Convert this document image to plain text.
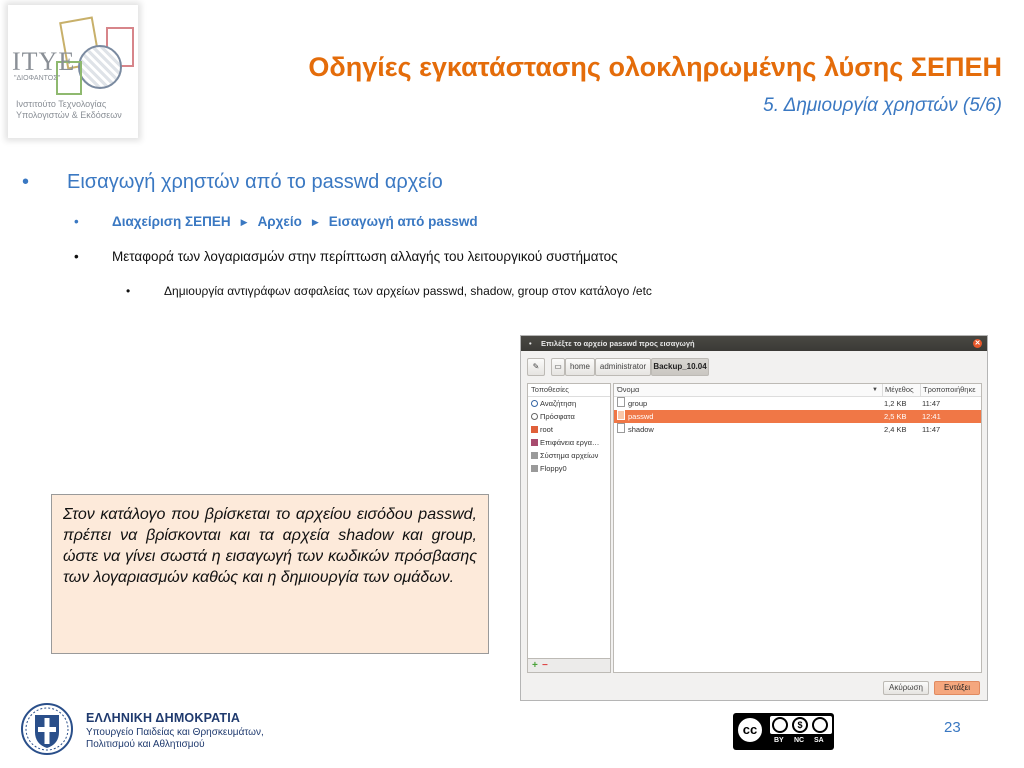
ΙΤΥΕ
"ΔΙΟΦΑΝΤΟΣ"
Ινστιτούτο Τεχνολογίας Υπολογιστών & Εκδόσεων
Οδηγίες εγκατάστασης ολοκληρωμένης λύσης ΣΕΠΕΗ
5. Δημιουργία χρηστών (5/6)
• Εισαγωγή χρηστών από το passwd αρχείο
• Διαχείριση ΣΕΠΕΗ ▶ Αρχείο ▶ Εισαγωγή από passwd
• Μεταφορά των λογαριασμών στην περίπτωση αλλαγής του λειτουργικού συστήματος
•	Δημιουργία αντιγράφων ασφαλείας των αρχείων passwd, shadow, group στον κατάλογο /etc
• Επιλέξτε το αρχείο passwd προς εισαγωγή	✕
✎	▭	home	administrator Backup_10.04
Τοποθεσίες
Αναζήτηση
Πρόσφατα
root
Επιφάνεια εργα…
Σύστημα αρχείων
Floppy0
+ −
Όνομα	▼ Μέγεθος	Τροποποιήθηκε
group	1,2 KB 11:47
passwd	2,5 KB 12:41
shadow	2,4 KB 11:47
Ακύρωση	Εντάξει
Στον κατάλογο που βρίσκεται το αρχείου εισόδου passwd, πρέπει να βρίσκονται και τα αρχεία shadow και group, ώστε να γίνει σωστά η εισαγωγή των κωδικών πρόσβασης των λογαριασμών καθώς και η δημιουργία των ομάδων.
ΕΛΛΗΝΙΚΗ ΔΗΜΟΚΡΑΤΙΑ
Υπουργείο Παιδείας και Θρησκευμάτων, Πολιτισμού και Αθλητισμού
cc	$
BY NC SA
23
